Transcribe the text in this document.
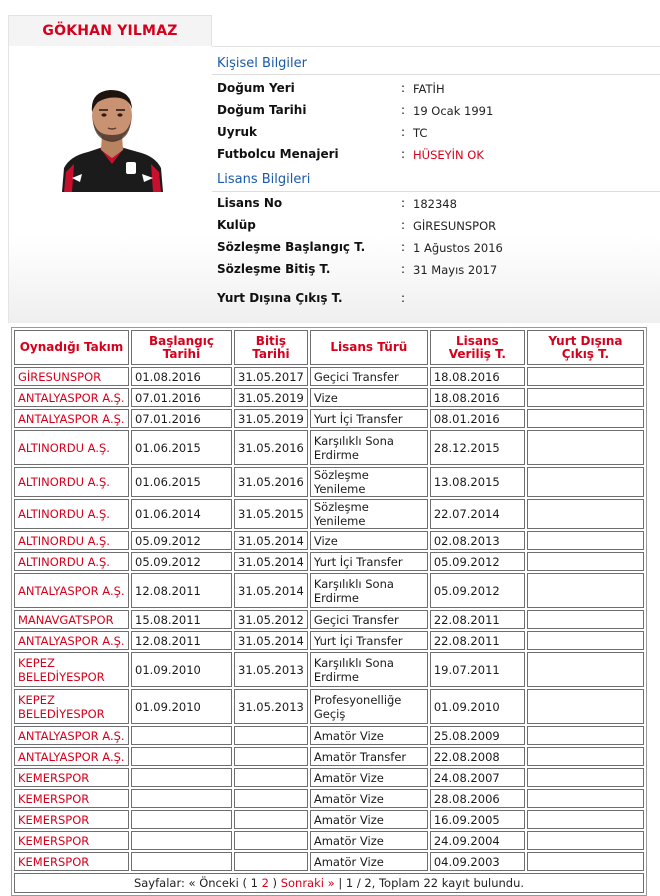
GÖKHAN YILMAZ
Kişisel Bilgiler
Doğum Yeri	: FATİH
Doğum Tarihi	: 19 Ocak 1991
Uyruk	: TC
Futbolcu Menajeri	: HÜSEYİN OK
Lisans Bilgileri
Lisans No	: 182348
Kulüp	: GİRESUNSPOR
Sözleşme Başlangıç T.	: 1 Ağustos 2016
Sözleşme Bitiş T.	: 31 Mayıs 2017
Yurt Dışına Çıkış T.	:
Oynadığı Takım	Başlangıç Tarihi	Bitiş Tarihi	Lisans Türü	Lisans Veriliş T.	Yurt Dışına Çıkış T.
GİRESUNSPOR	01.08.2016	31.05.2017	Geçici Transfer	18.08.2016	
ANTALYASPOR A.Ş.	07.01.2016	31.05.2019	Vize	18.08.2016	
ANTALYASPOR A.Ş.	07.01.2016	31.05.2019	Yurt İçi Transfer	08.01.2016	
ALTINORDU A.Ş.	01.06.2015	31.05.2016	Karşılıklı Sona Erdirme	28.12.2015	
ALTINORDU A.Ş.	01.06.2015	31.05.2016	Sözleşme Yenileme	13.08.2015	
ALTINORDU A.Ş.	01.06.2014	31.05.2015	Sözleşme Yenileme	22.07.2014	
ALTINORDU A.Ş.	05.09.2012	31.05.2014	Vize	02.08.2013	
ALTINORDU A.Ş.	05.09.2012	31.05.2014	Yurt İçi Transfer	05.09.2012	
ANTALYASPOR A.Ş.	12.08.2011	31.05.2014	Karşılıklı Sona Erdirme	05.09.2012	
MANAVGATSPOR	15.08.2011	31.05.2012	Geçici Transfer	22.08.2011	
ANTALYASPOR A.Ş.	12.08.2011	31.05.2014	Yurt İçi Transfer	22.08.2011	
KEPEZ BELEDİYESPOR	01.09.2010	31.05.2013	Karşılıklı Sona Erdirme	19.07.2011	
KEPEZ BELEDİYESPOR	01.09.2010	31.05.2013	Profesyonelliğe Geçiş	01.09.2010	
ANTALYASPOR A.Ş.			Amatör Vize	25.08.2009	
ANTALYASPOR A.Ş.			Amatör Transfer	22.08.2008	
KEMERSPOR			Amatör Vize	24.08.2007	
KEMERSPOR			Amatör Vize	28.08.2006	
KEMERSPOR			Amatör Vize	16.09.2005	
KEMERSPOR			Amatör Vize	24.09.2004	
KEMERSPOR			Amatör Vize	04.09.2003	
Sayfalar: « Önceki ( 1 2 ) Sonraki » | 1 / 2, Toplam 22 kayıt bulundu.					
